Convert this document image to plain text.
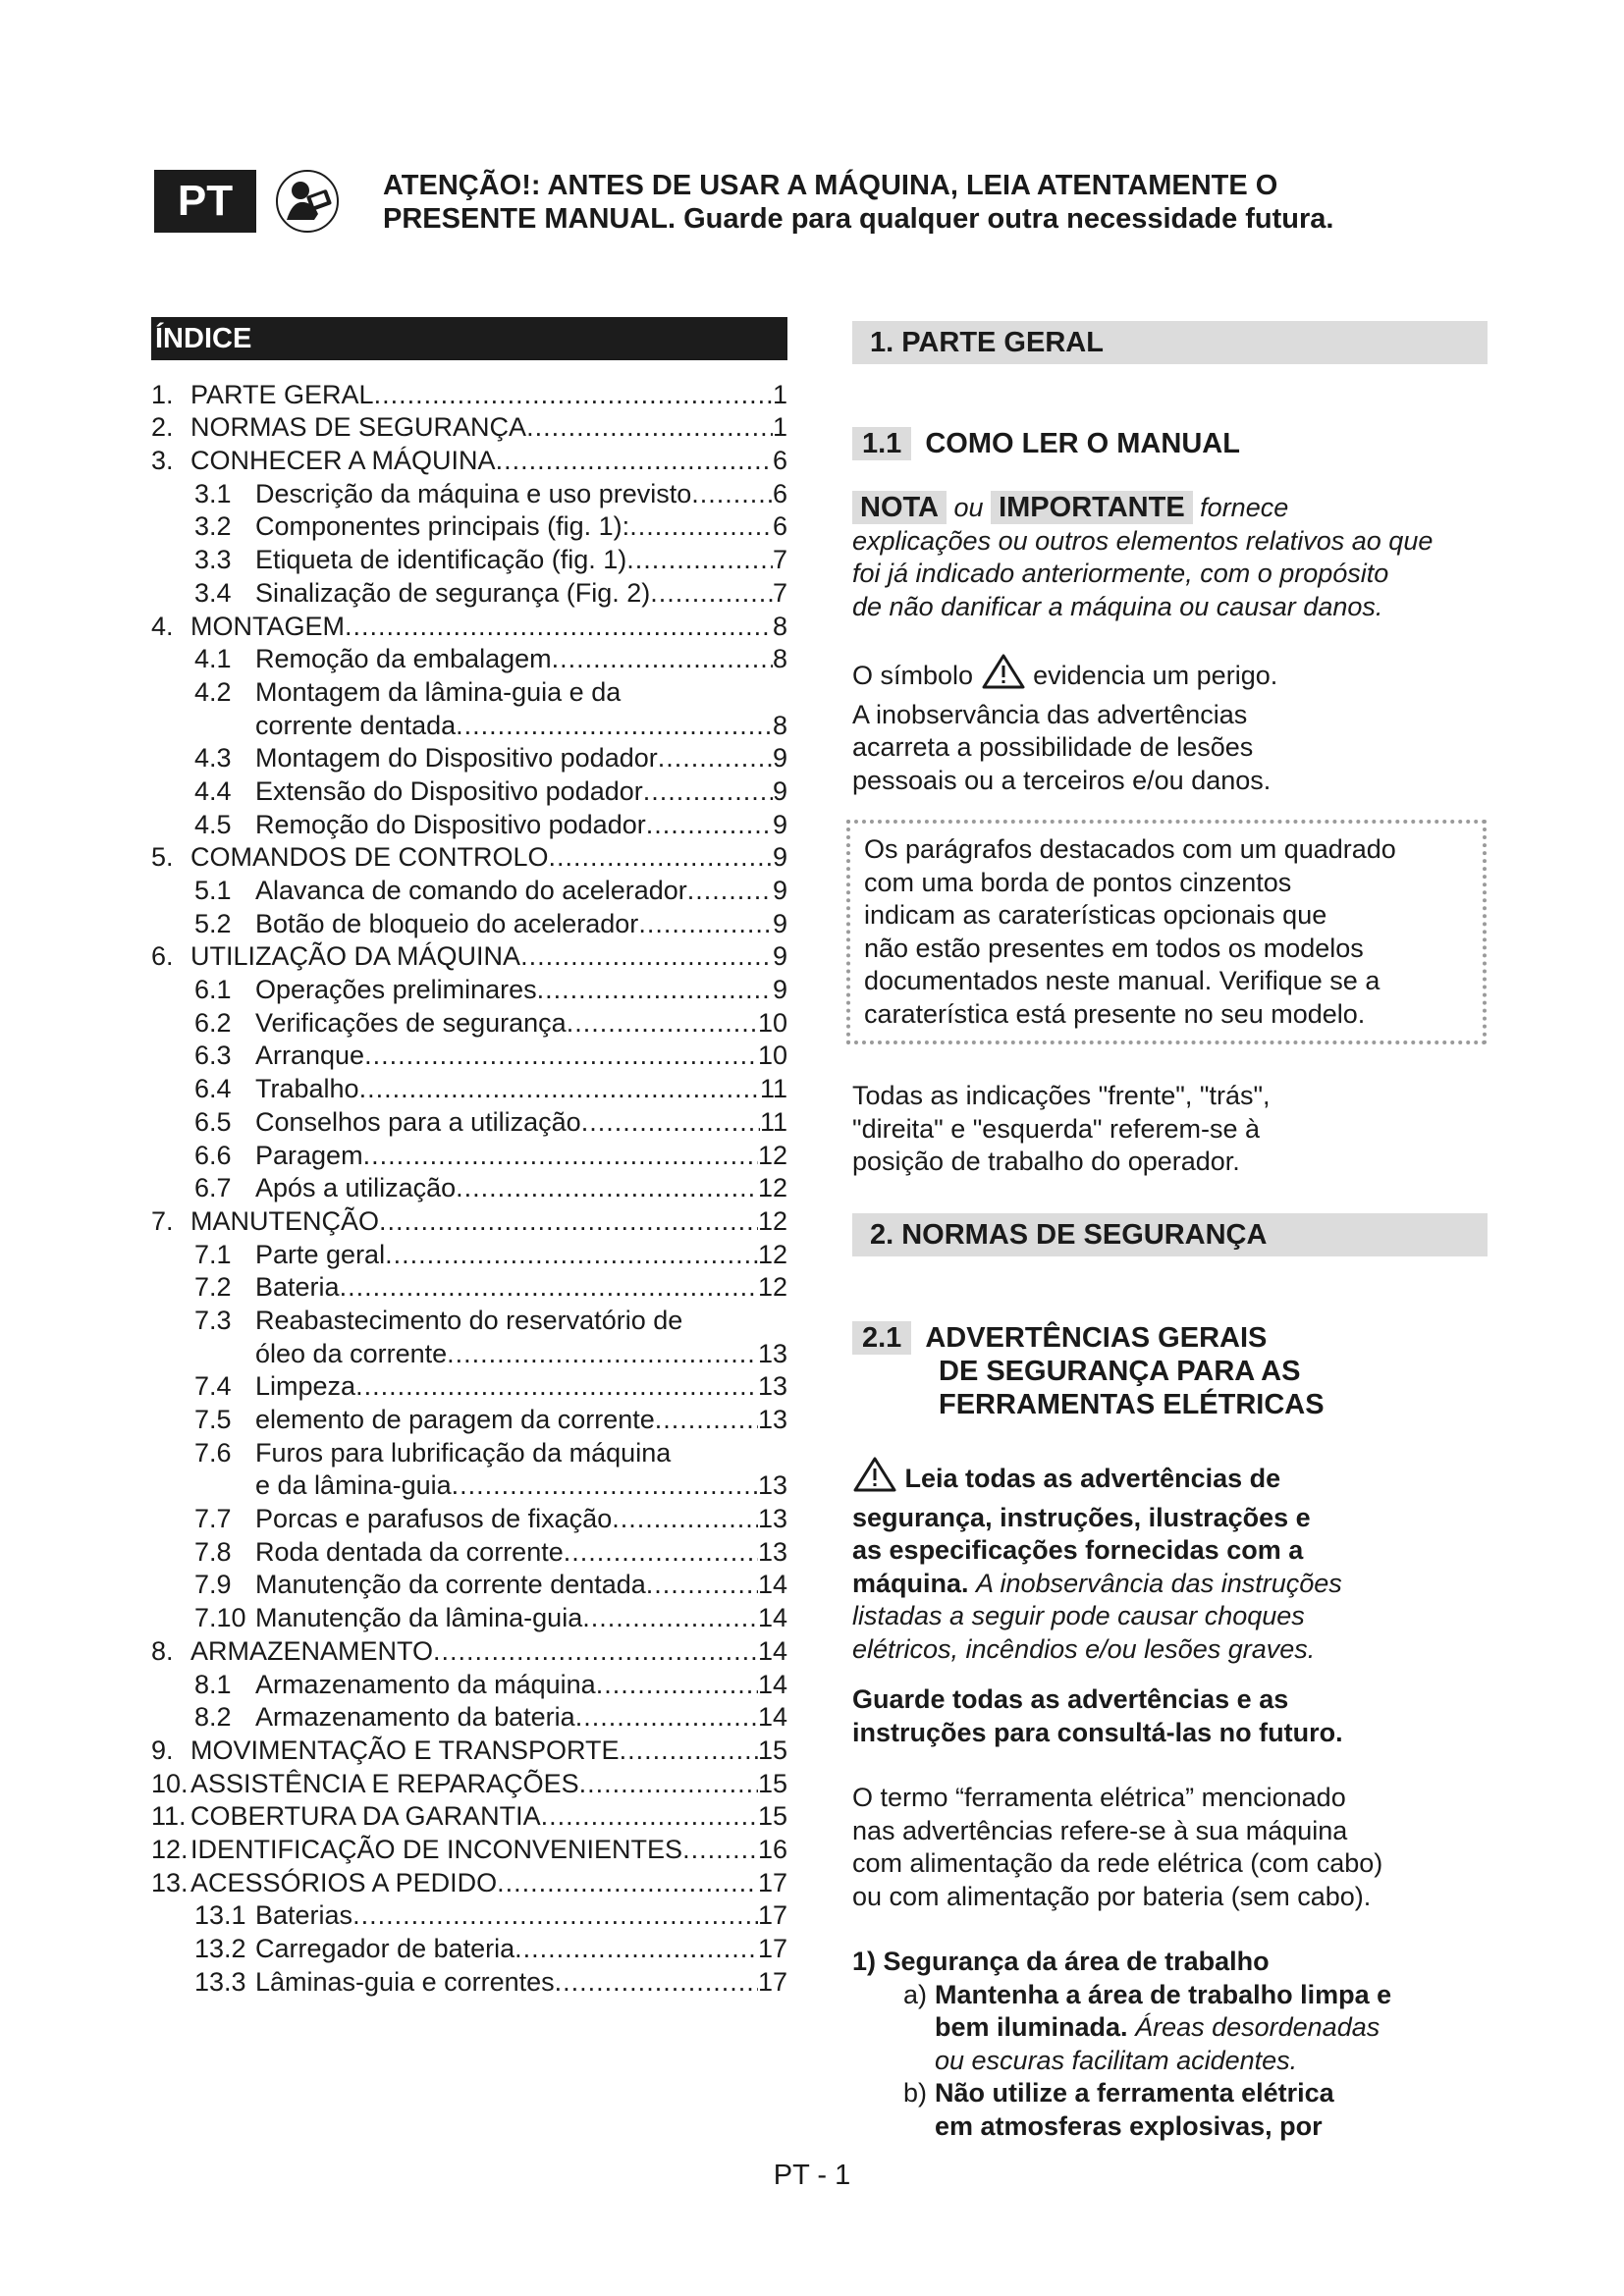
PT	ATENÇÃO!: ANTES DE USAR A MÁQUINA, LEIA ATENTAMENTE O
PRESENTE MANUAL. Guarde para qualquer outra necessidade futura.
ÍNDICE
1. PARTE GERAL .....	1
2. NORMAS DE SEGURANÇA .....	1
3. CONHECER A MÁQUINA .....	6
3.1 Descrição da máquina e uso previsto .....	6
3.2 Componentes principais (fig. 1): .....	6
3.3 Etiqueta de identificação (fig. 1) .....	7
3.4 Sinalização de segurança (Fig. 2) .....	7
4. MONTAGEM .....	8
4.1 Remoção da embalagem .....	8
4.2 Montagem da lâmina-guia e da
corrente dentada .....	8
4.3 Montagem do Dispositivo podador .....	9
4.4 Extensão do Dispositivo podador .....	9
4.5 Remoção do Dispositivo podador .....	9
5. COMANDOS DE CONTROLO .....	9
5.1 Alavanca de comando do acelerador .....	9
5.2 Botão de bloqueio do acelerador .....	9
6. UTILIZAÇÃO DA MÁQUINA .....	9
6.1 Operações preliminares .....	9
6.2 Verificações de segurança .....	10
6.3 Arranque .....	10
6.4 Trabalho .....	11
6.5 Conselhos para a utilização .....	11
6.6 Paragem .....	12
6.7 Após a utilização .....	12
7. MANUTENÇÃO .....	12
7.1 Parte geral .....	12
7.2 Bateria .....	12
7.3 Reabastecimento do reservatório de
óleo da corrente .....	13
7.4 Limpeza .....	13
7.5 elemento de paragem da corrente .....	13
7.6 Furos para lubrificação da máquina
e da lâmina-guia .....	13
7.7 Porcas e parafusos de fixação .....	13
7.8 Roda dentada da corrente .....	13
7.9 Manutenção da corrente dentada .....	14
7.10 Manutenção da lâmina-guia .....	14
8. ARMAZENAMENTO .....	14
8.1 Armazenamento da máquina .....	14
8.2 Armazenamento da bateria .....	14
9. MOVIMENTAÇÃO E TRANSPORTE .....	15
10. ASSISTÊNCIA E REPARAÇÕES .....	15
11. COBERTURA DA GARANTIA .....	15
12. IDENTIFICAÇÃO DE INCONVENIENTES .....	16
13. ACESSÓRIOS A PEDIDO .....	17
13.1 Baterias .....	17
13.2 Carregador de bateria .....	17
13.3 Lâminas-guia e correntes .....	17
1. PARTE GERAL
1.1 COMO LER O MANUAL
NOTA ou IMPORTANTE fornece
explicações ou outros elementos relativos ao que
foi já indicado anteriormente, com o propósito
de não danificar a máquina ou causar danos.
O símbolo evidencia um perigo.
A inobservância das advertências
acarreta a possibilidade de lesões
pessoais ou a terceiros e/ou danos.
Os parágrafos destacados com um quadrado
com uma borda de pontos cinzentos
indicam as caraterísticas opcionais que
não estão presentes em todos os modelos
documentados neste manual. Verifique se a
caraterística está presente no seu modelo.
Todas as indicações "frente", "trás",
"direita" e "esquerda" referem-se à
posição de trabalho do operador.
2. NORMAS DE SEGURANÇA
2.1 ADVERTÊNCIAS GERAIS
DE SEGURANÇA PARA AS
FERRAMENTAS ELÉTRICAS
Leia todas as advertências de
segurança, instruções, ilustrações e
as especificações fornecidas com a
máquina. A inobservância das instruções
listadas a seguir pode causar choques
elétricos, incêndios e/ou lesões graves.
Guarde todas as advertências e as
instruções para consultá-las no futuro.
O termo “ferramenta elétrica” mencionado
nas advertências refere-se à sua máquina
com alimentação da rede elétrica (com cabo)
ou com alimentação por bateria (sem cabo).
1) Segurança da área de trabalho
a) Mantenha a área de trabalho limpa e
bem iluminada. Áreas desordenadas
ou escuras facilitam acidentes.
b) Não utilize a ferramenta elétrica
em atmosferas explosivas, por
PT - 1
